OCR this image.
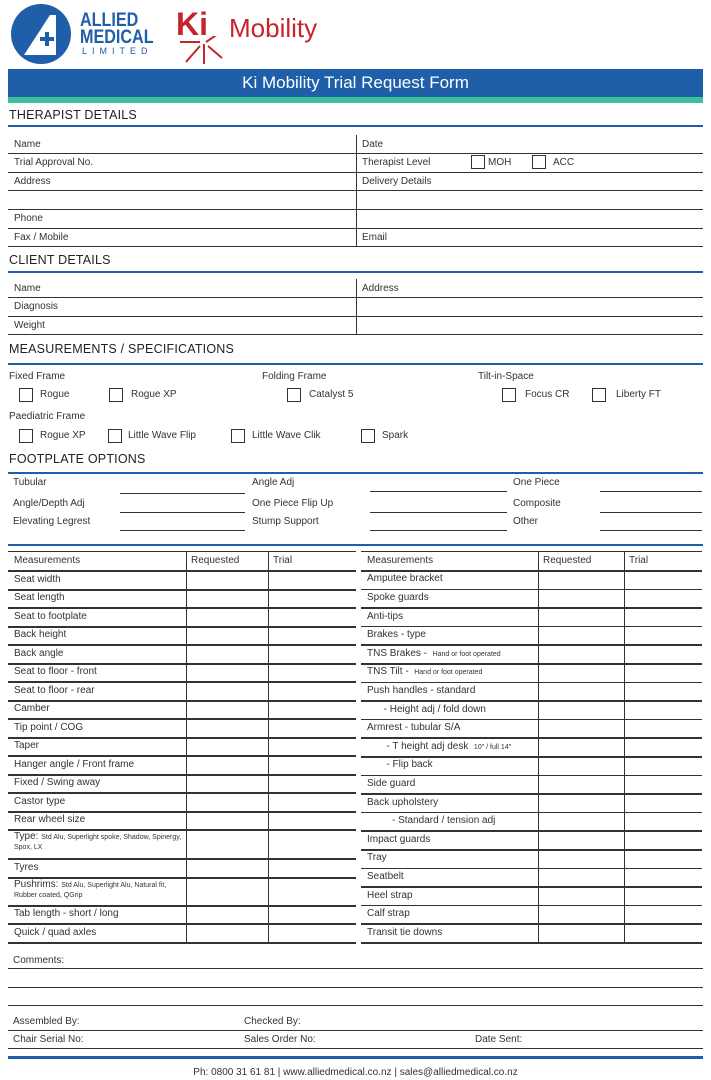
ALLIED
MEDICAL
LIMITED
Ki Mobility
Ki Mobility Trial Request Form
THERAPIST DETAILS
Name	Date
Trial Approval No.	Therapist Level
Address	Delivery Details
Phone
Fax / Mobile	Email
MOH	ACC
CLIENT DETAILS
Name	Address
Diagnosis
Weight
MEASUREMENTS / SPECIFICATIONS
Fixed Frame	Folding Frame	Tilt-in-Space
Paediatric Frame
Rogue	Rogue XP	Catalyst 5	Focus CR	Liberty FT
Rogue XP	Little Wave Flip	Little Wave Clik	Spark
FOOTPLATE OPTIONS
Tubular	Angle Adj	One Piece
Angle/Depth Adj	One Piece Flip Up	Composite
Elevating Legrest	Stump Support	Other
Measurements	Requested	Trial
Seat width
Seat length
Seat to footplate
Back height
Back angle
Seat to floor - front
Seat to floor - rear
Camber
Tip point / COG
Taper
Hanger angle / Front frame
Fixed / Swing away
Castor type
Rear wheel size
Type: Std Alu, Superlight spoke, Shadow, Spinergy, Spox, LX
Tyres
Pushrims: Std Alu, Superlight Alu, Natural fit, Rubber coated, QGrip
Tab length - short / long
Quick / quad axles
Measurements	Requested	Trial
Amputee bracket
Spoke guards
Anti-tips
Brakes - type
TNS Brakes -  Hand or foot operated
TNS Tilt -  Hand or foot operated
Push handles - standard
- Height adj / fold down
Armrest - tubular S/A
- T height adj desk  10" / full 14"
- Flip back
Side guard
Back upholstery
- Standard / tension adj
Impact guards
Tray
Seatbelt
Heel strap
Calf strap
Transit tie downs
Comments:
Assembled By:	Checked By:
Chair Serial No:	Sales Order No:	Date Sent:
Ph: 0800 31 61 81 | www.alliedmedical.co.nz | sales@alliedmedical.co.nz
